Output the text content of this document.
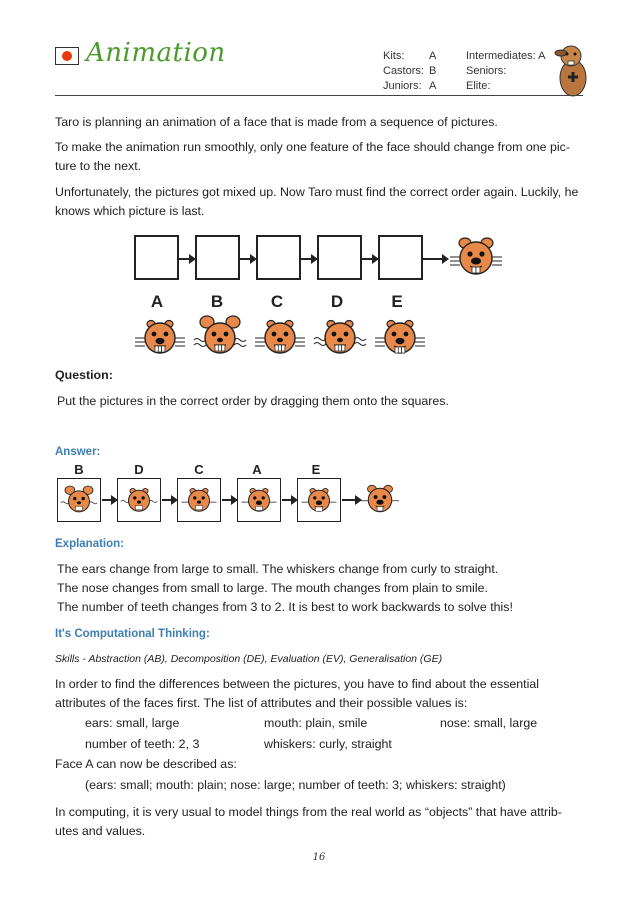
Animation	Kits: A
Castors: B
Juniors: A
Intermediates: A
Seniors:
Elite:
Taro is planning an animation of a face that is made from a sequence of pictures.
To make the animation run smoothly, only one feature of the face should change from one pic-
ture to the next.
Unfortunately, the pictures got mixed up. Now Taro must find the correct order again. Luckily, he
knows which picture is last.
A	B	C	D	E
Question:
Put the pictures in the correct order by dragging them onto the squares.
Answer:
B	D	C	A	E
Explanation:
The ears change from large to small. The whiskers change from curly to straight.
The nose changes from small to large. The mouth changes from plain to smile.
The number of teeth changes from 3 to 2. It is best to work backwards to solve this!
It's Computational Thinking:
Skills - Abstraction (AB), Decomposition (DE), Evaluation (EV), Generalisation (GE)
In order to find the differences between the pictures, you have to find about the essential
attributes of the faces first. The list of attributes and their possible values is:
ears: small, large	mouth: plain, smile	nose: small, large
number of teeth: 2, 3	whiskers: curly, straight
Face A can now be described as:
(ears: small; mouth: plain; nose: large; number of teeth: 3; whiskers: straight)
In computing, it is very usual to model things from the real world as “objects” that have attrib-
utes and values.
16
